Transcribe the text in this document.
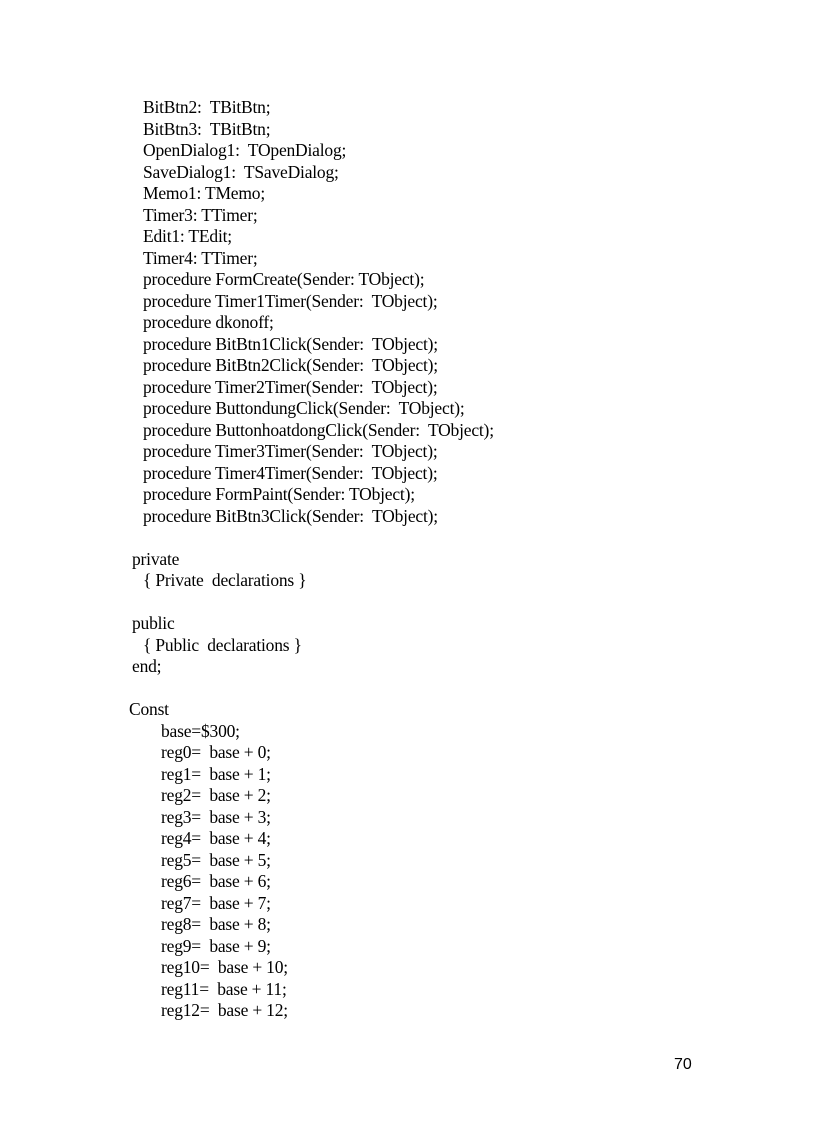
BitBtn2:  TBitBtn;
BitBtn3:  TBitBtn;
OpenDialog1:  TOpenDialog;
SaveDialog1:  TSaveDialog;
Memo1: TMemo;
Timer3: TTimer;
Edit1: TEdit;
Timer4: TTimer;
procedure FormCreate(Sender: TObject);
procedure Timer1Timer(Sender:  TObject);
procedure dkonoff;
procedure BitBtn1Click(Sender:  TObject);
procedure BitBtn2Click(Sender:  TObject);
procedure Timer2Timer(Sender:  TObject);
procedure ButtondungClick(Sender:  TObject);
procedure ButtonhoatdongClick(Sender:  TObject);
procedure Timer3Timer(Sender:  TObject);
procedure Timer4Timer(Sender:  TObject);
procedure FormPaint(Sender: TObject);
procedure BitBtn3Click(Sender:  TObject);
private
{ Private  declarations }
public
{ Public  declarations }
end;
Const
base=$300;
reg0=  base + 0;
reg1=  base + 1;
reg2=  base + 2;
reg3=  base + 3;
reg4=  base + 4;
reg5=  base + 5;
reg6=  base + 6;
reg7=  base + 7;
reg8=  base + 8;
reg9=  base + 9;
reg10=  base + 10;
reg11=  base + 11;
reg12=  base + 12;
70
